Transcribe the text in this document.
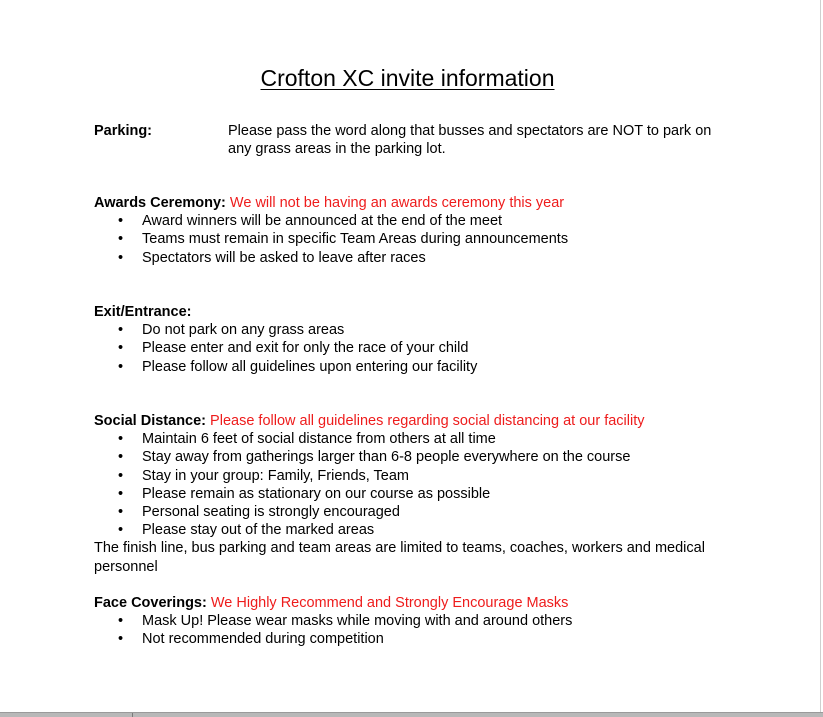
Crofton XC invite information
Parking:	Please pass the word along that busses and spectators are NOT to park on any grass areas in the parking lot.
Awards Ceremony: We will not be having an awards ceremony this year
• Award winners will be announced at the end of the meet
• Teams must remain in specific Team Areas during announcements
• Spectators will be asked to leave after races
Exit/Entrance:
• Do not park on any grass areas
• Please enter and exit for only the race of your child
• Please follow all guidelines upon entering our facility
Social Distance: Please follow all guidelines regarding social distancing at our facility
• Maintain 6 feet of social distance from others at all time
• Stay away from gatherings larger than 6-8 people everywhere on the course
• Stay in your group: Family, Friends, Team
• Please remain as stationary on our course as possible
• Personal seating is strongly encouraged
• Please stay out of the marked areas

The finish line, bus parking and team areas are limited to teams, coaches, workers and medical personnel

Face Coverings: We Highly Recommend and Strongly Encourage Masks
• Mask Up! Please wear masks while moving with and around others
• Not recommended during competition
